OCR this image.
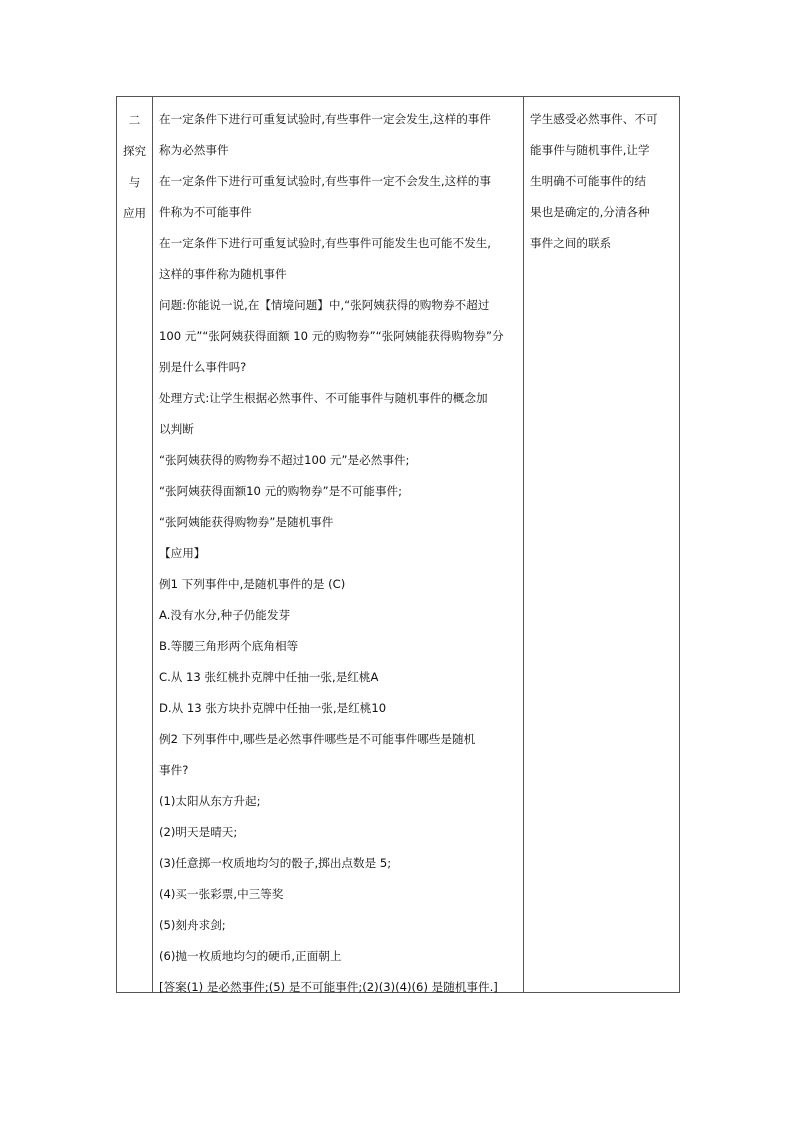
二
探究
与
应用

在一定条件下进行可重复试验时,有些事件一定会发生,这样的事件
称为必然事件
在一定条件下进行可重复试验时,有些事件一定不会发生,这样的事
件称为不可能事件
在一定条件下进行可重复试验时,有些事件可能发生也可能不发生,
这样的事件称为随机事件
问题:你能说一说,在【情境问题】中,“张阿姨获得的购物券不超过
100 元”“张阿姨获得面额 10 元的购物券”“张阿姨能获得购物券”分
别是什么事件吗?
处理方式:让学生根据必然事件、不可能事件与随机事件的概念加
以判断
“张阿姨获得的购物券不超过100 元”是必然事件;
“张阿姨获得面额10 元的购物券”是不可能事件;
“张阿姨能获得购物券”是随机事件
【应用】
例1 下列事件中,是随机事件的是 (C)
A.没有水分,种子仍能发芽
B.等腰三角形两个底角相等
C.从 13 张红桃扑克牌中任抽一张,是红桃A
D.从 13 张方块扑克牌中任抽一张,是红桃10
例2 下列事件中,哪些是必然事件哪些是不可能事件哪些是随机
事件?
(1)太阳从东方升起;
(2)明天是晴天;
(3)任意掷一枚质地均匀的骰子,掷出点数是 5;
(4)买一张彩票,中三等奖
(5)刻舟求剑;
(6)抛一枚质地均匀的硬币,正面朝上
[答案(1) 是必然事件;(5) 是不可能事件;(2)(3)(4)(6) 是随机事件.]

学生感受必然事件、不可
能事件与随机事件,让学
生明确不可能事件的结
果也是确定的,分清各种
事件之间的联系
